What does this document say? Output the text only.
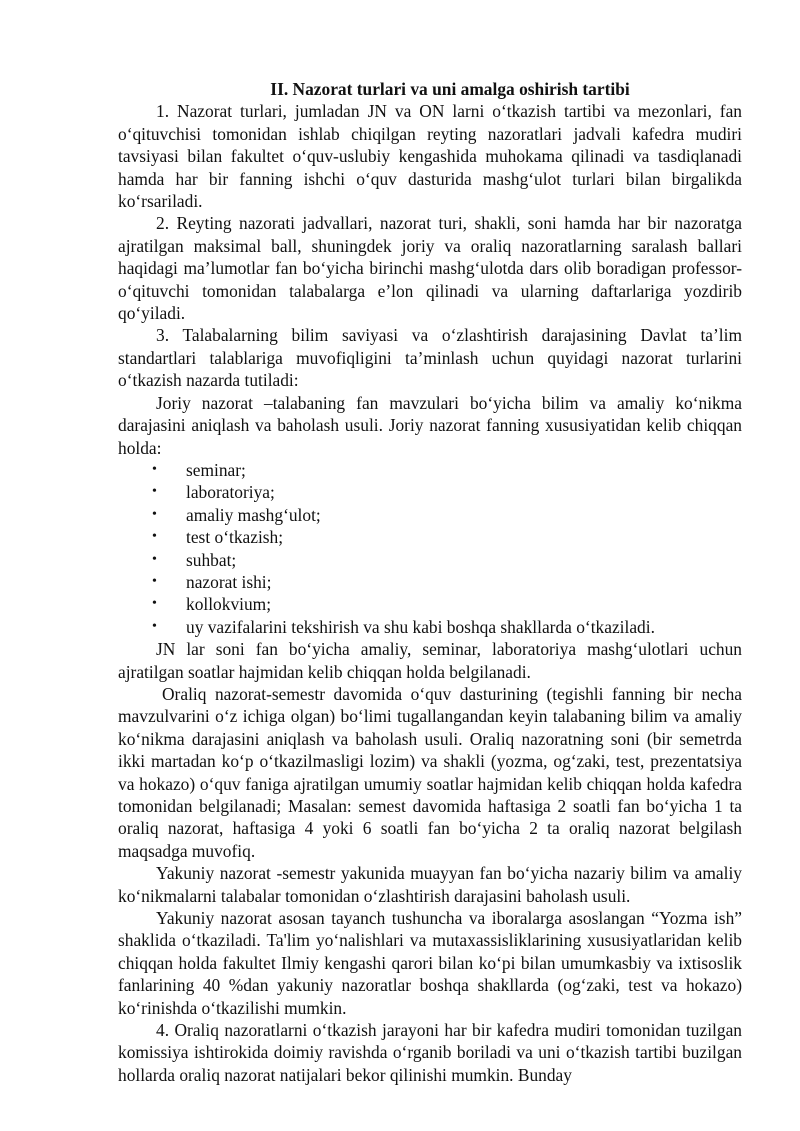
II. Nazorat turlari va uni amalga oshirish tartibi

1. Nazorat turlari, jumladan JN va ON larni o‘tkazish tartibi va mezonlari, fan o‘qituvchisi tomonidan ishlab chiqilgan reyting nazoratlari jadvali kafedra mudiri tavsiyasi bilan fakultet o‘quv-uslubiy kengashida muhokama qilinadi va tasdiqlanadi hamda har bir fanning ishchi o‘quv dasturida mashg‘ulot turlari bilan birgalikda ko‘rsariladi.

2. Reyting nazorati jadvallari, nazorat turi, shakli, soni hamda har bir nazoratga ajratilgan maksimal ball, shuningdek joriy va oraliq nazoratlarning saralash ballari haqidagi ma’lumotlar fan bo‘yicha birinchi mashg‘ulotda dars olib boradigan professor-o‘qituvchi tomonidan talabalarga e’lon qilinadi va ularning daftarlariga yozdirib qo‘yiladi.

3. Talabalarning bilim saviyasi va o‘zlashtirish darajasining Davlat ta’lim standartlari talablariga muvofiqligini ta’minlash uchun quyidagi nazorat turlarini o‘tkazish nazarda tutiladi:

Joriy nazorat –talabaning fan mavzulari bo‘yicha bilim va amaliy ko‘nikma darajasini aniqlash va baholash usuli. Joriy nazorat fanning xususiyatidan kelib chiqqan holda:

• seminar;
• laboratoriya;
• amaliy mashg‘ulot;
• test o‘tkazish;
• suhbat;
• nazorat ishi;
• kollokvium;
• uy vazifalarini tekshirish va shu kabi boshqa shakllarda o‘tkaziladi.

JN lar soni fan bo‘yicha amaliy, seminar, laboratoriya mashg‘ulotlari uchun ajratilgan soatlar hajmidan kelib chiqqan holda belgilanadi.

Oraliq nazorat-semestr davomida o‘quv dasturining (tegishli fanning bir necha mavzulvarini o‘z ichiga olgan) bo‘limi tugallangandan keyin talabaning bilim va amaliy ko‘nikma darajasini aniqlash va baholash usuli. Oraliq nazoratning soni (bir semetrda ikki martadan ko‘p o‘tkazilmasligi lozim) va shakli (yozma, og‘zaki, test, prezentatsiya va hokazo) o‘quv faniga ajratilgan umumiy soatlar hajmidan kelib chiqqan holda kafedra tomonidan belgilanadi; Masalan: semest davomida haftasiga 2 soatli fan bo‘yicha 1 ta oraliq nazorat, haftasiga 4 yoki 6 soatli fan bo‘yicha 2 ta oraliq nazorat belgilash maqsadga muvofiq.

Yakuniy nazorat -semestr yakunida muayyan fan bo‘yicha nazariy bilim va amaliy ko‘nikmalarni talabalar tomonidan o‘zlashtirish darajasini baholash usuli.

Yakuniy nazorat asosan tayanch tushuncha va iboralarga asoslangan “Yozma ish” shaklida o‘tkaziladi. Ta'lim yo‘nalishlari va mutaxassisliklarining xususiyatlaridan kelib chiqqan holda fakultet Ilmiy kengashi qarori bilan ko‘pi bilan umumkasbiy va ixtisoslik fanlarining 40 %dan yakuniy nazoratlar boshqa shakllarda (og‘zaki, test va hokazo) ko‘rinishda o‘tkazilishi mumkin.

4. Oraliq nazoratlarni o‘tkazish jarayoni har bir kafedra mudiri tomonidan tuzilgan komissiya ishtirokida doimiy ravishda o‘rganib boriladi va uni o‘tkazish tartibi buzilgan hollarda oraliq nazorat natijalari bekor qilinishi mumkin. Bunday
